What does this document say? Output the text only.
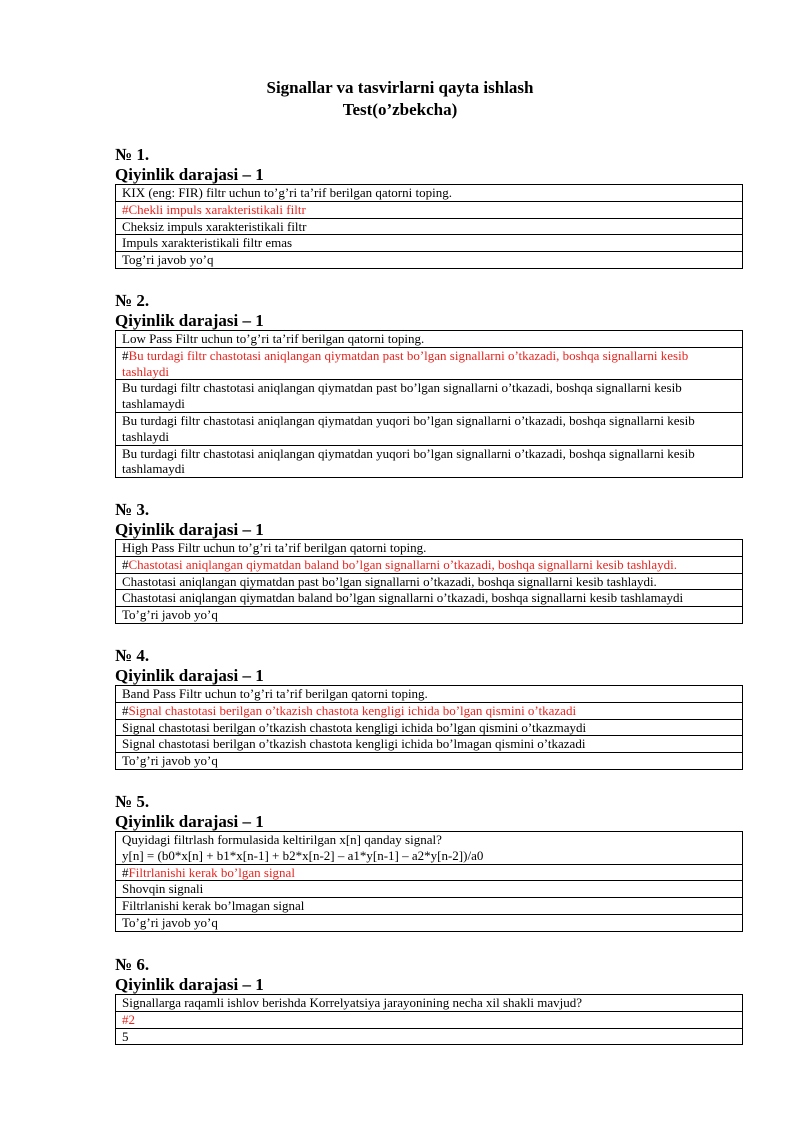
Signallar va tasvirlarni qayta ishlash
Test(o’zbekcha)
№ 1.
Qiyinlik darajasi – 1
KIX (eng: FIR) filtr uchun to’g’ri ta’rif berilgan qatorni toping.
#Chekli impuls xarakteristikali filtr
Cheksiz impuls xarakteristikali filtr
Impuls xarakteristikali filtr emas
Tog’ri javob yo’q
№ 2.
Qiyinlik darajasi – 1
Low Pass Filtr uchun to’g’ri ta’rif berilgan qatorni toping.
#Bu turdagi filtr chastotasi aniqlangan qiymatdan past bo’lgan signallarni o’tkazadi, boshqa signallarni kesib tashlaydi
Bu turdagi filtr chastotasi aniqlangan qiymatdan past bo’lgan signallarni o’tkazadi, boshqa signallarni kesib tashlamaydi
Bu turdagi filtr chastotasi aniqlangan qiymatdan yuqori bo’lgan signallarni o’tkazadi, boshqa signallarni kesib tashlaydi
Bu turdagi filtr chastotasi aniqlangan qiymatdan yuqori bo’lgan signallarni o’tkazadi, boshqa signallarni kesib tashlamaydi
№ 3.
Qiyinlik darajasi – 1
High Pass Filtr uchun to’g’ri ta’rif berilgan qatorni toping.
#Chastotasi aniqlangan qiymatdan baland bo’lgan signallarni o’tkazadi, boshqa signallarni kesib tashlaydi.
Chastotasi aniqlangan qiymatdan past bo’lgan signallarni o’tkazadi, boshqa signallarni kesib tashlaydi.
Chastotasi aniqlangan qiymatdan baland bo’lgan signallarni o’tkazadi, boshqa signallarni kesib tashlamaydi
To’g’ri javob yo’q
№ 4.
Qiyinlik darajasi – 1
Band Pass Filtr uchun to’g’ri ta’rif berilgan qatorni toping.
#Signal chastotasi berilgan o’tkazish chastota kengligi ichida bo’lgan qismini o’tkazadi
Signal chastotasi berilgan o’tkazish chastota kengligi ichida bo’lgan qismini o’tkazmaydi
Signal chastotasi berilgan o’tkazish chastota kengligi ichida bo’lmagan qismini o’tkazadi
To’g’ri javob yo’q
№ 5.
Qiyinlik darajasi – 1
Quyidagi filtrlash formulasida keltirilgan x[n] qanday signal?
y[n] = (b0*x[n] + b1*x[n-1] + b2*x[n-2] – a1*y[n-1] – a2*y[n-2])/a0

#Filtrlanishi kerak bo’lgan signal
Shovqin signali
Filtrlanishi kerak bo’lmagan signal
To’g’ri javob yo’q
№ 6.
Qiyinlik darajasi – 1
Signallarga raqamli ishlov berishda Korrelyatsiya jarayonining necha xil shakli mavjud?
#2
5
